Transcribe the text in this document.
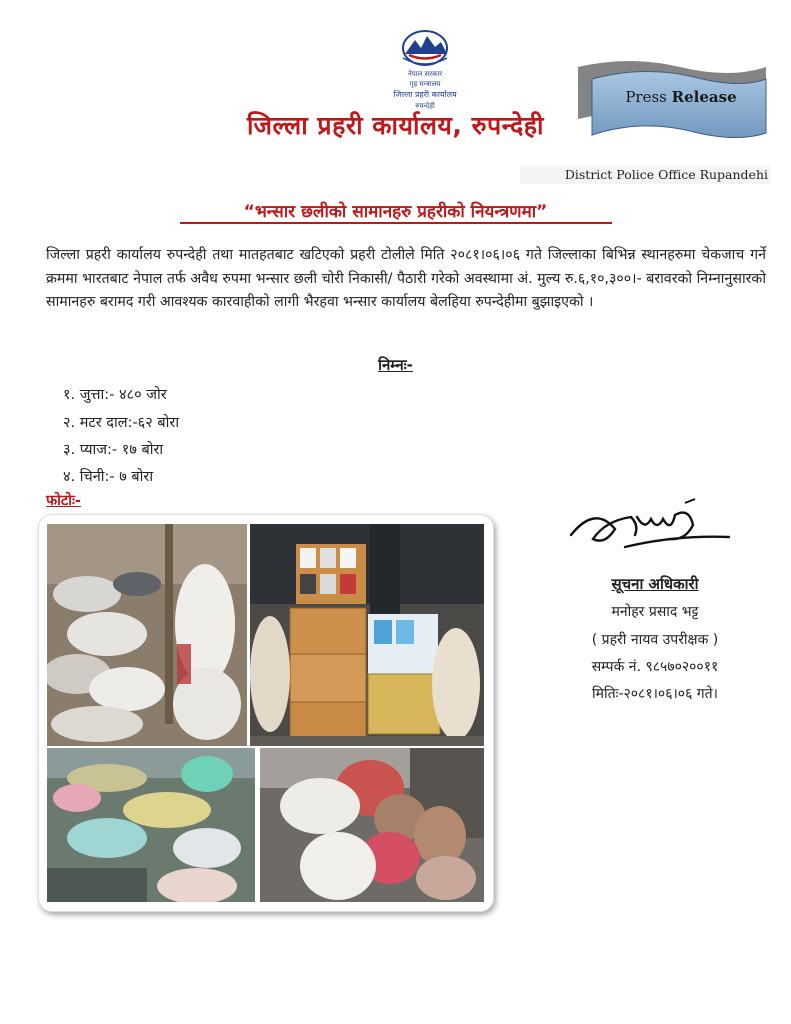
नेपाल सरकार
गृह मन्त्रालय
जिल्ला प्रहरी कार्यालय
रुपन्देही
जिल्ला प्रहरी कार्यालय, रुपन्देही
Press Release
District Police Office Rupandehi
“भन्सार छलीको सामानहरु प्रहरीको नियन्त्रणमा”
जिल्ला प्रहरी कार्यालय रुपन्देही तथा मातहतबाट खटिएको प्रहरी टोलीले मिति २०८१।०६।०६ गते जिल्लाका बिभिन्न स्थानहरुमा चेकजाच गर्ने क्रममा भारतबाट नेपाल तर्फ अवैध रुपमा भन्सार छली चोरी निकासी/ पैठारी गरेको अवस्थामा अं. मुल्य रु.६,१०,३००।- बरावरको निम्नानुसारको सामानहरु बरामद गरी आवश्यक कारवाहीको लागी भैरहवा भन्सार कार्यालय बेलहिया रुपन्देहीमा बुझाइएको ।
निम्नः-
१. जुत्ता:- ४८० जोर
२. मटर दाल:-६२ बोरा
३. प्याज:- १७ बोरा
४. चिनी:- ७ बोरा
फोटोः-
सूचना अधिकारी
मनोहर प्रसाद भट्ट
( प्रहरी नायव उपरीक्षक )
सम्पर्क नं. ९८५७०२००११
मितिः-२०८१।०६।०६ गते।
